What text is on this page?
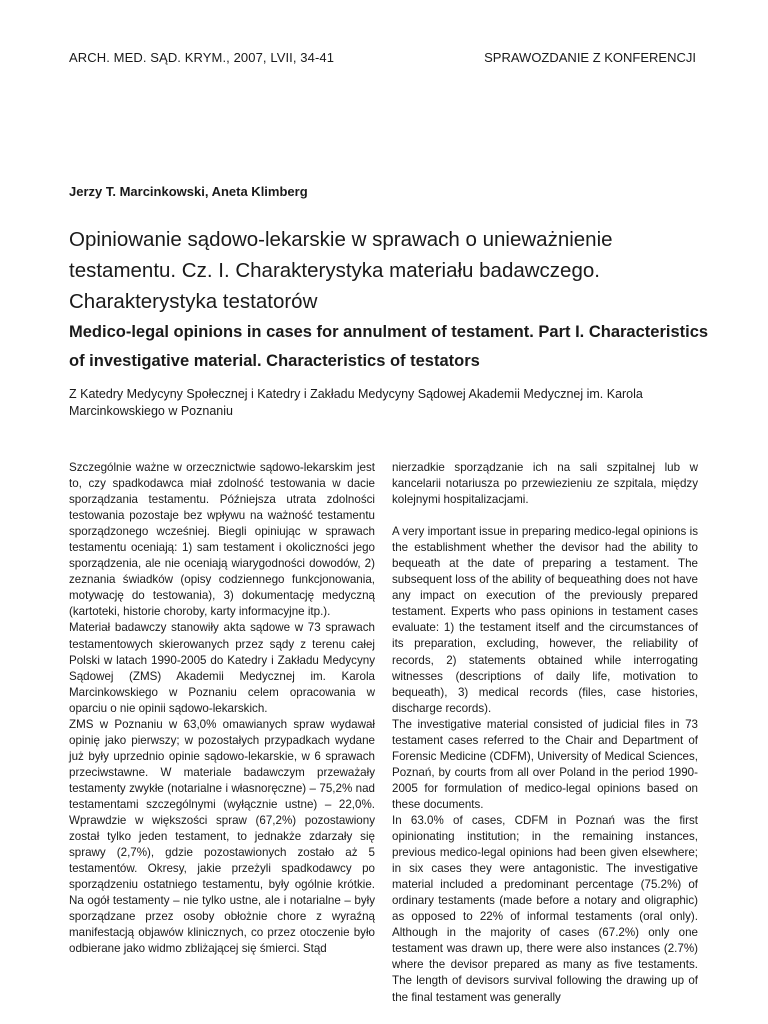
ARCH. MED. SĄD. KRYM., 2007, LVII, 34-41	SPRAWOZDANIE Z KONFERENCJI
Jerzy T. Marcinkowski, Aneta Klimberg
Opiniowanie sądowo-lekarskie w sprawach o unieważnienie testamentu. Cz. I. Charakterystyka materiału badawczego. Charakterystyka testatorów
Medico-legal opinions in cases for annulment of testament. Part I. Characteristics of investigative material. Characteristics of testators
Z Katedry Medycyny Społecznej i Katedry i Zakładu Medycyny Sądowej Akademii Medycznej im. Karola Marcinkowskiego w Poznaniu

Szczególnie ważne w orzecznictwie sądowo-lekarskim jest to, czy spadkodawca miał zdolność testowania w dacie sporządzania testamentu. Późniejsza utrata zdolności testowania pozostaje bez wpływu na ważność testamentu sporządzonego wcześniej. Biegli opiniując w sprawach testamentu oceniają: 1) sam testament i okoliczności jego sporządzenia, ale nie oceniają wiarygodności dowodów, 2) zeznania świadków (opisy codziennego funkcjonowania, motywację do testowania), 3) dokumentację medyczną (kartoteki, historie choroby, karty informacyjne itp.).

Materiał badawczy stanowiły akta sądowe w 73 sprawach testamentowych skierowanych przez sądy z terenu całej Polski w latach 1990-2005 do Katedry i Zakładu Medycyny Sądowej (ZMS) Akademii Medycznej im. Karola Marcinkowskiego w Poznaniu celem opracowania w oparciu o nie opinii sądowo-lekarskich.

ZMS w Poznaniu w 63,0% omawianych spraw wydawał opinię jako pierwszy; w pozostałych przypadkach wydane już były uprzednio opinie sądowo-lekarskie, w 6 sprawach przeciwstawne. W materiale badawczym przeważały testamenty zwykłe (notarialne i własnoręczne) – 75,2% nad testamentami szczególnymi (wyłącznie ustne) – 22,0%. Wprawdzie w większości spraw (67,2%) pozostawiony został tylko jeden testament, to jednakże zdarzały się sprawy (2,7%), gdzie pozostawionych zostało aż 5 testamentów. Okresy, jakie przeżyli spadkodawcy po sporządzeniu ostatniego testamentu, były ogólnie krótkie. Na ogół testamenty – nie tylko ustne, ale i notarialne – były sporządzane przez osoby obłożnie chore z wyraźną manifestacją objawów klinicznych, co przez otoczenie było odbierane jako widmo zbliżającej się śmierci. Stąd

nierzadkie sporządzanie ich na sali szpitalnej lub w kancelarii notariusza po przewiezieniu ze szpitala, między kolejnymi hospitalizacjami.

A very important issue in preparing medico-legal opinions is the establishment whether the devisor had the ability to bequeath at the date of preparing a testament. The subsequent loss of the ability of bequeathing does not have any impact on execution of the previously prepared testament. Experts who pass opinions in testament cases evaluate: 1) the testament itself and the circumstances of its preparation, excluding, however, the reliability of records, 2) statements obtained while interrogating witnesses (descriptions of daily life, motivation to bequeath), 3) medical records (files, case histories, discharge records).

The investigative material consisted of judicial files in 73 testament cases referred to the Chair and Department of Forensic Medicine (CDFM), University of Medical Sciences, Poznań, by courts from all over Poland in the period 1990-2005 for formulation of medico-legal opinions based on these documents.

In 63.0% of cases, CDFM in Poznań was the first opinionating institution; in the remaining instances, previous medico-legal opinions had been given elsewhere; in six cases they were antagonistic. The investigative material included a predominant percentage (75.2%) of ordinary testaments (made before a notary and oligraphic) as opposed to 22% of informal testaments (oral only). Although in the majority of cases (67.2%) only one testament was drawn up, there were also instances (2.7%) where the devisor prepared as many as five testaments. The length of devisors survival following the drawing up of the final testament was generally
